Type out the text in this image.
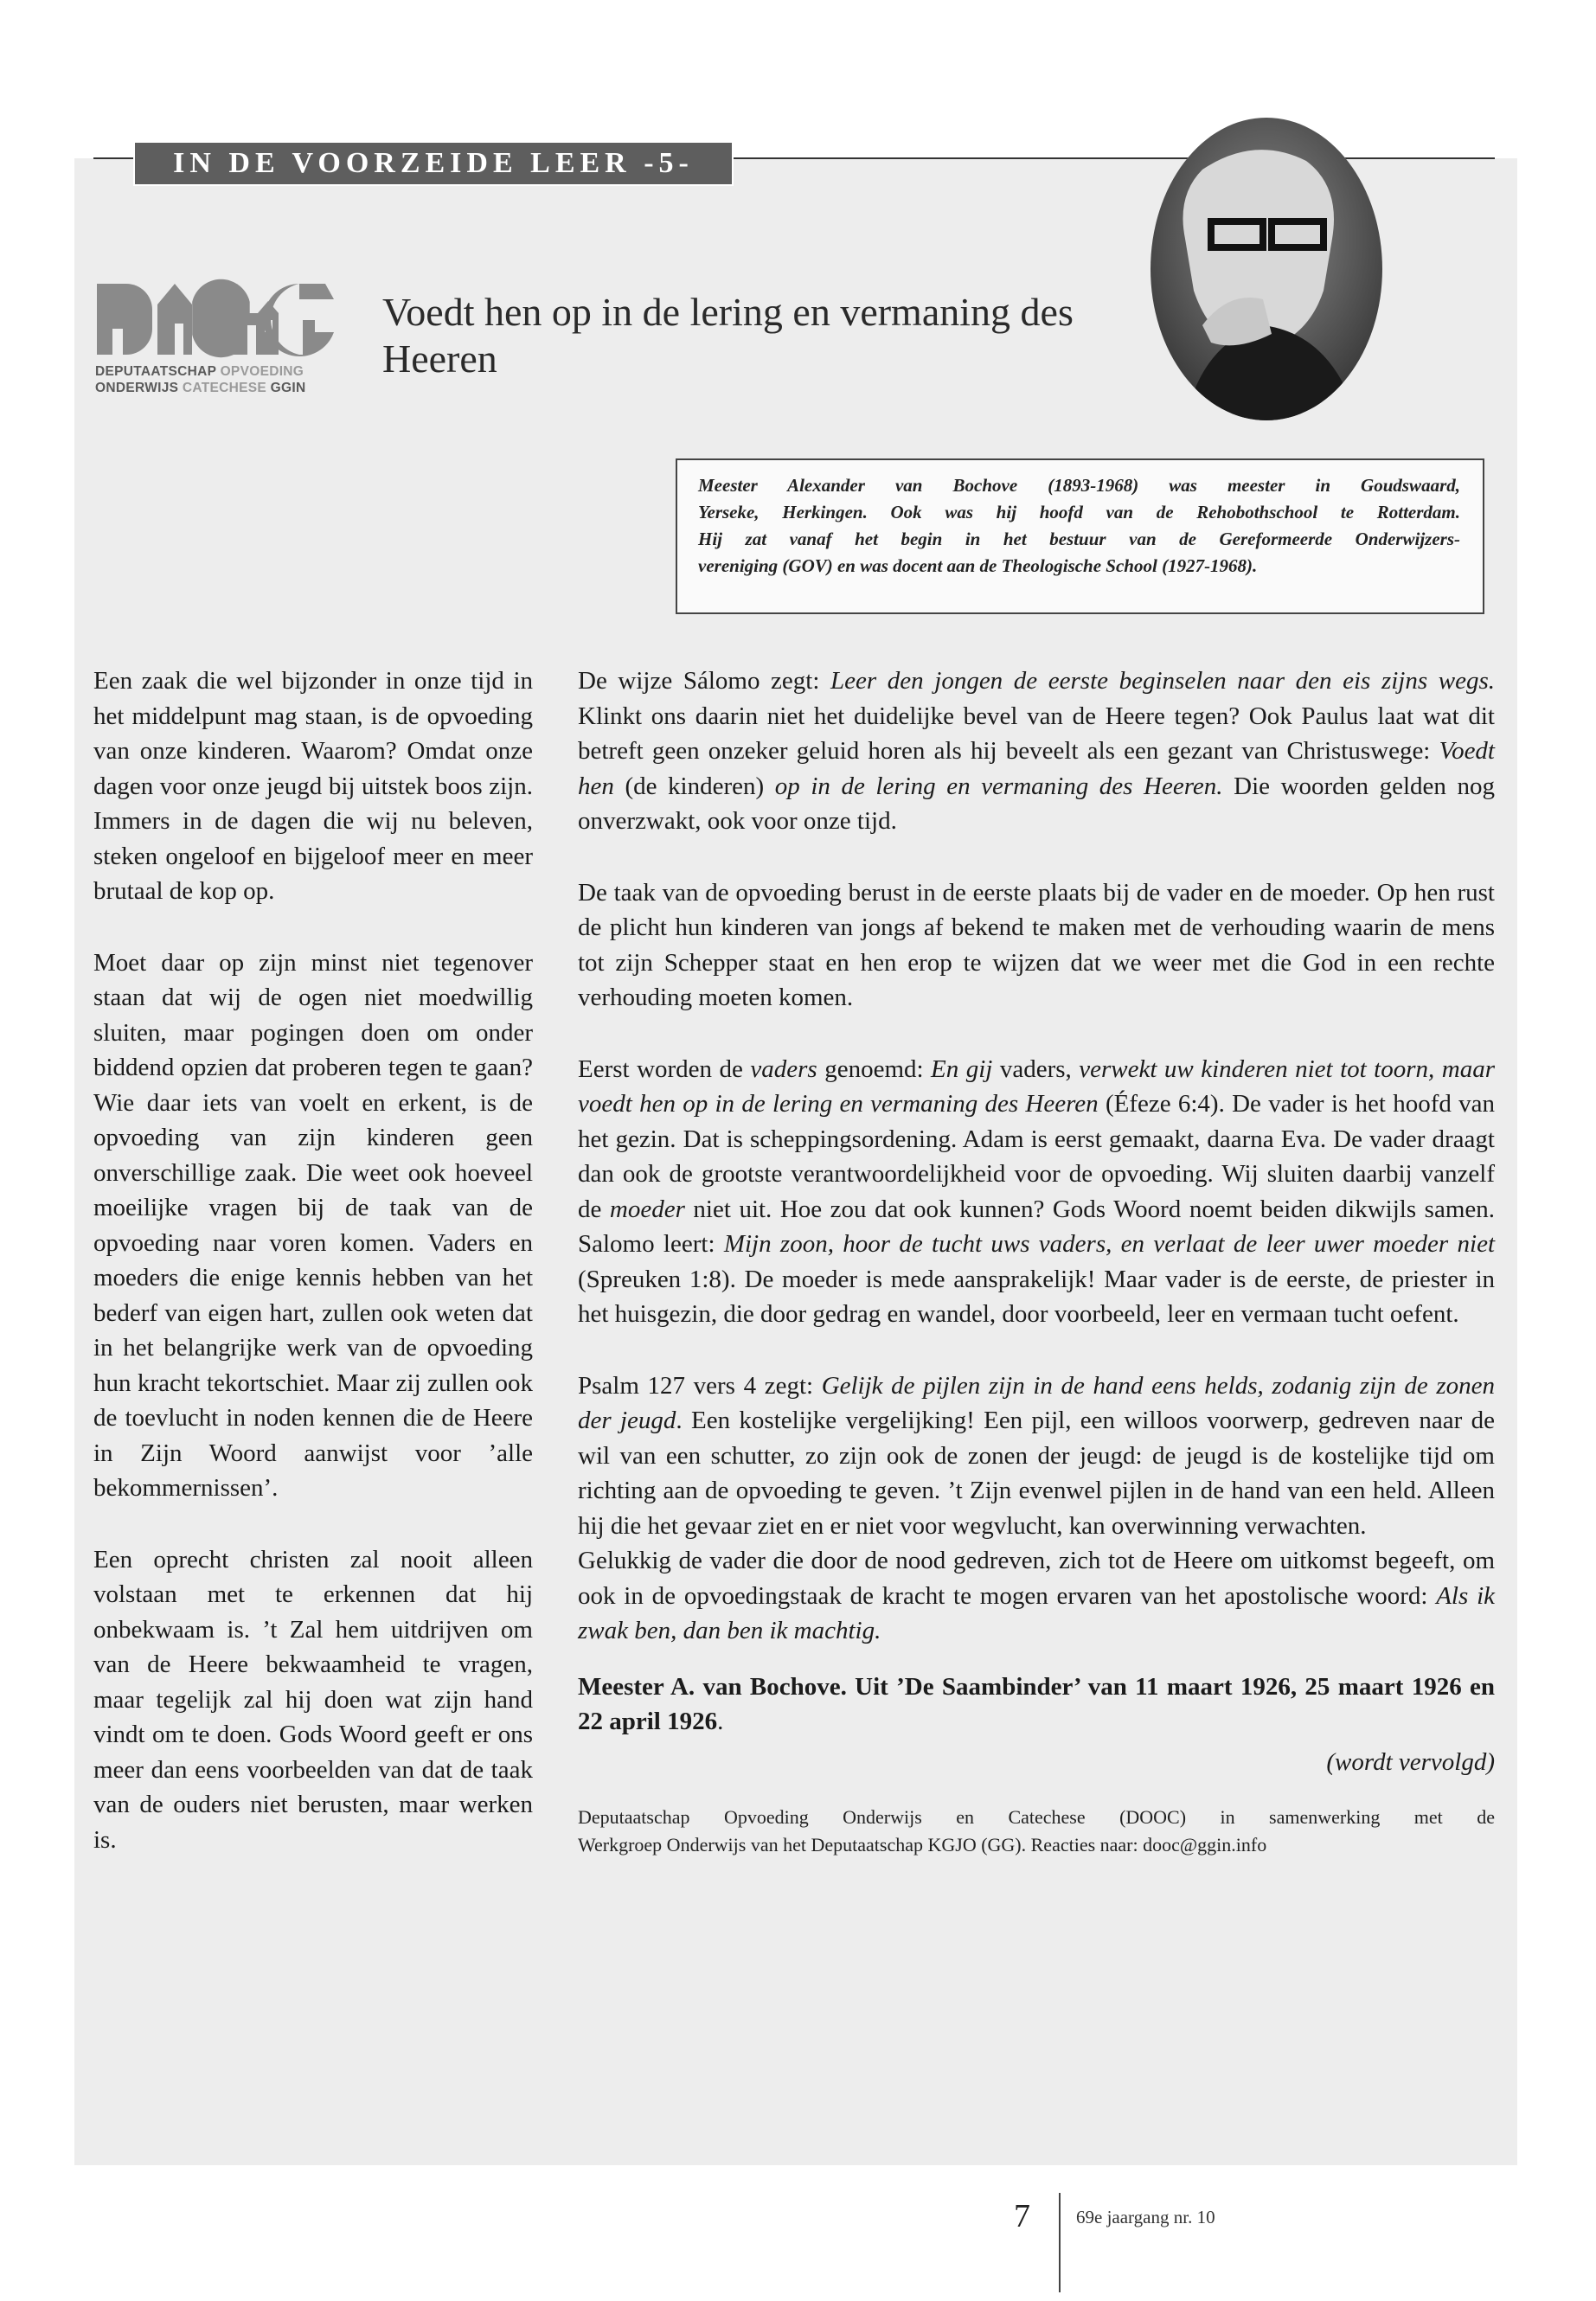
IN DE VOORZEIDE LEER -5-
DEPUTAATSCHAP OPVOEDING
ONDERWIJS CATECHESE GGIN
Voedt hen op in de lering en vermaning des Heeren

Meester Alexander van Bochove (1893-1968) was meester in Goudswaard,

Yerseke, Herkingen. Ook was hij hoofd van de Rehobothschool te Rotterdam.

Hij zat vanaf het begin in het bestuur van de Gereformeerde Onderwijzers-

vereniging (GOV) en was docent aan de Theologische School (1927-1968).

Een zaak die wel bijzonder in onze tijd in het middelpunt mag staan, is de opvoeding van onze kinderen. Waarom? Omdat onze dagen voor onze jeugd bij uitstek boos zijn. Immers in de dagen die wij nu beleven, steken ongeloof en bijgeloof meer en meer brutaal de kop op.

Moet daar op zijn minst niet tegenover staan dat wij de ogen niet moedwillig sluiten, maar pogingen doen om onder biddend opzien dat proberen tegen te gaan? Wie daar iets van voelt en erkent, is de opvoeding van zijn kinderen geen onverschillige zaak. Die weet ook hoeveel moeilijke vragen bij de taak van de opvoeding naar voren komen. Vaders en moeders die enige kennis hebben van het bederf van eigen hart, zullen ook weten dat in het belangrijke werk van de opvoeding hun kracht tekortschiet. Maar zij zullen ook de toevlucht in noden kennen die de Heere in Zijn Woord aanwijst voor ’alle bekommernissen’.

Een oprecht christen zal nooit alleen volstaan met te erkennen dat hij onbekwaam is. ’t Zal hem uitdrijven om van de Heere bekwaamheid te vragen, maar tegelijk zal hij doen wat zijn hand vindt om te doen. Gods Woord geeft er ons meer dan eens voorbeelden van dat de taak van de ouders niet berusten, maar werken is.

De wijze Sálomo zegt: Leer den jongen de eerste beginselen naar den eis zijns wegs. Klinkt ons daarin niet het duidelijke bevel van de Heere tegen? Ook Paulus laat wat dit betreft geen onzeker geluid horen als hij beveelt als een gezant van Christuswege: Voedt hen (de kinderen) op in de lering en vermaning des Heeren. Die woorden gelden nog onverzwakt, ook voor onze tijd.

De taak van de opvoeding berust in de eerste plaats bij de vader en de moeder. Op hen rust de plicht hun kinderen van jongs af bekend te maken met de verhouding waarin de mens tot zijn Schepper staat en hen erop te wijzen dat we weer met die God in een rechte verhouding moeten komen.

Eerst worden de vaders genoemd: En gij vaders, verwekt uw kinderen niet tot toorn, maar voedt hen op in de lering en vermaning des Heeren (Éfeze 6:4). De vader is het hoofd van het gezin. Dat is scheppingsordening. Adam is eerst gemaakt, daarna Eva. De vader draagt dan ook de grootste verantwoordelijkheid voor de opvoeding. Wij sluiten daarbij vanzelf de moeder niet uit. Hoe zou dat ook kunnen? Gods Woord noemt beiden dikwijls samen. Salomo leert: Mijn zoon, hoor de tucht uws vaders, en verlaat de leer uwer moeder niet (Spreuken 1:8). De moeder is mede aansprakelijk! Maar vader is de eerste, de priester in het huisgezin, die door gedrag en wandel, door voorbeeld, leer en vermaan tucht oefent.

Psalm 127 vers 4 zegt: Gelijk de pijlen zijn in de hand eens helds, zodanig zijn de zonen der jeugd. Een kostelijke vergelijking! Een pijl, een willoos voorwerp, gedreven naar de wil van een schutter, zo zijn ook de zonen der jeugd: de jeugd is de kostelijke tijd om richting aan de opvoeding te geven. ’t Zijn evenwel pijlen in de hand van een held. Alleen hij die het gevaar ziet en er niet voor wegvlucht, kan overwinning verwachten.

Gelukkig de vader die door de nood gedreven, zich tot de Heere om uitkomst begeeft, om ook in de opvoedingstaak de kracht te mogen ervaren van het apostolische woord: Als ik zwak ben, dan ben ik machtig.

Meester A. van Bochove. Uit ’De Saambinder’ van 11 maart 1926, 25 maart 1926 en 22 april 1926.

(wordt vervolgd)

Deputaatschap Opvoeding Onderwijs en Catechese (DOOC) in samenwerking met de
Werkgroep Onderwijs van het Deputaatschap KGJO (GG). Reacties naar: dooc@ggin.info
7	69e jaargang nr. 10
